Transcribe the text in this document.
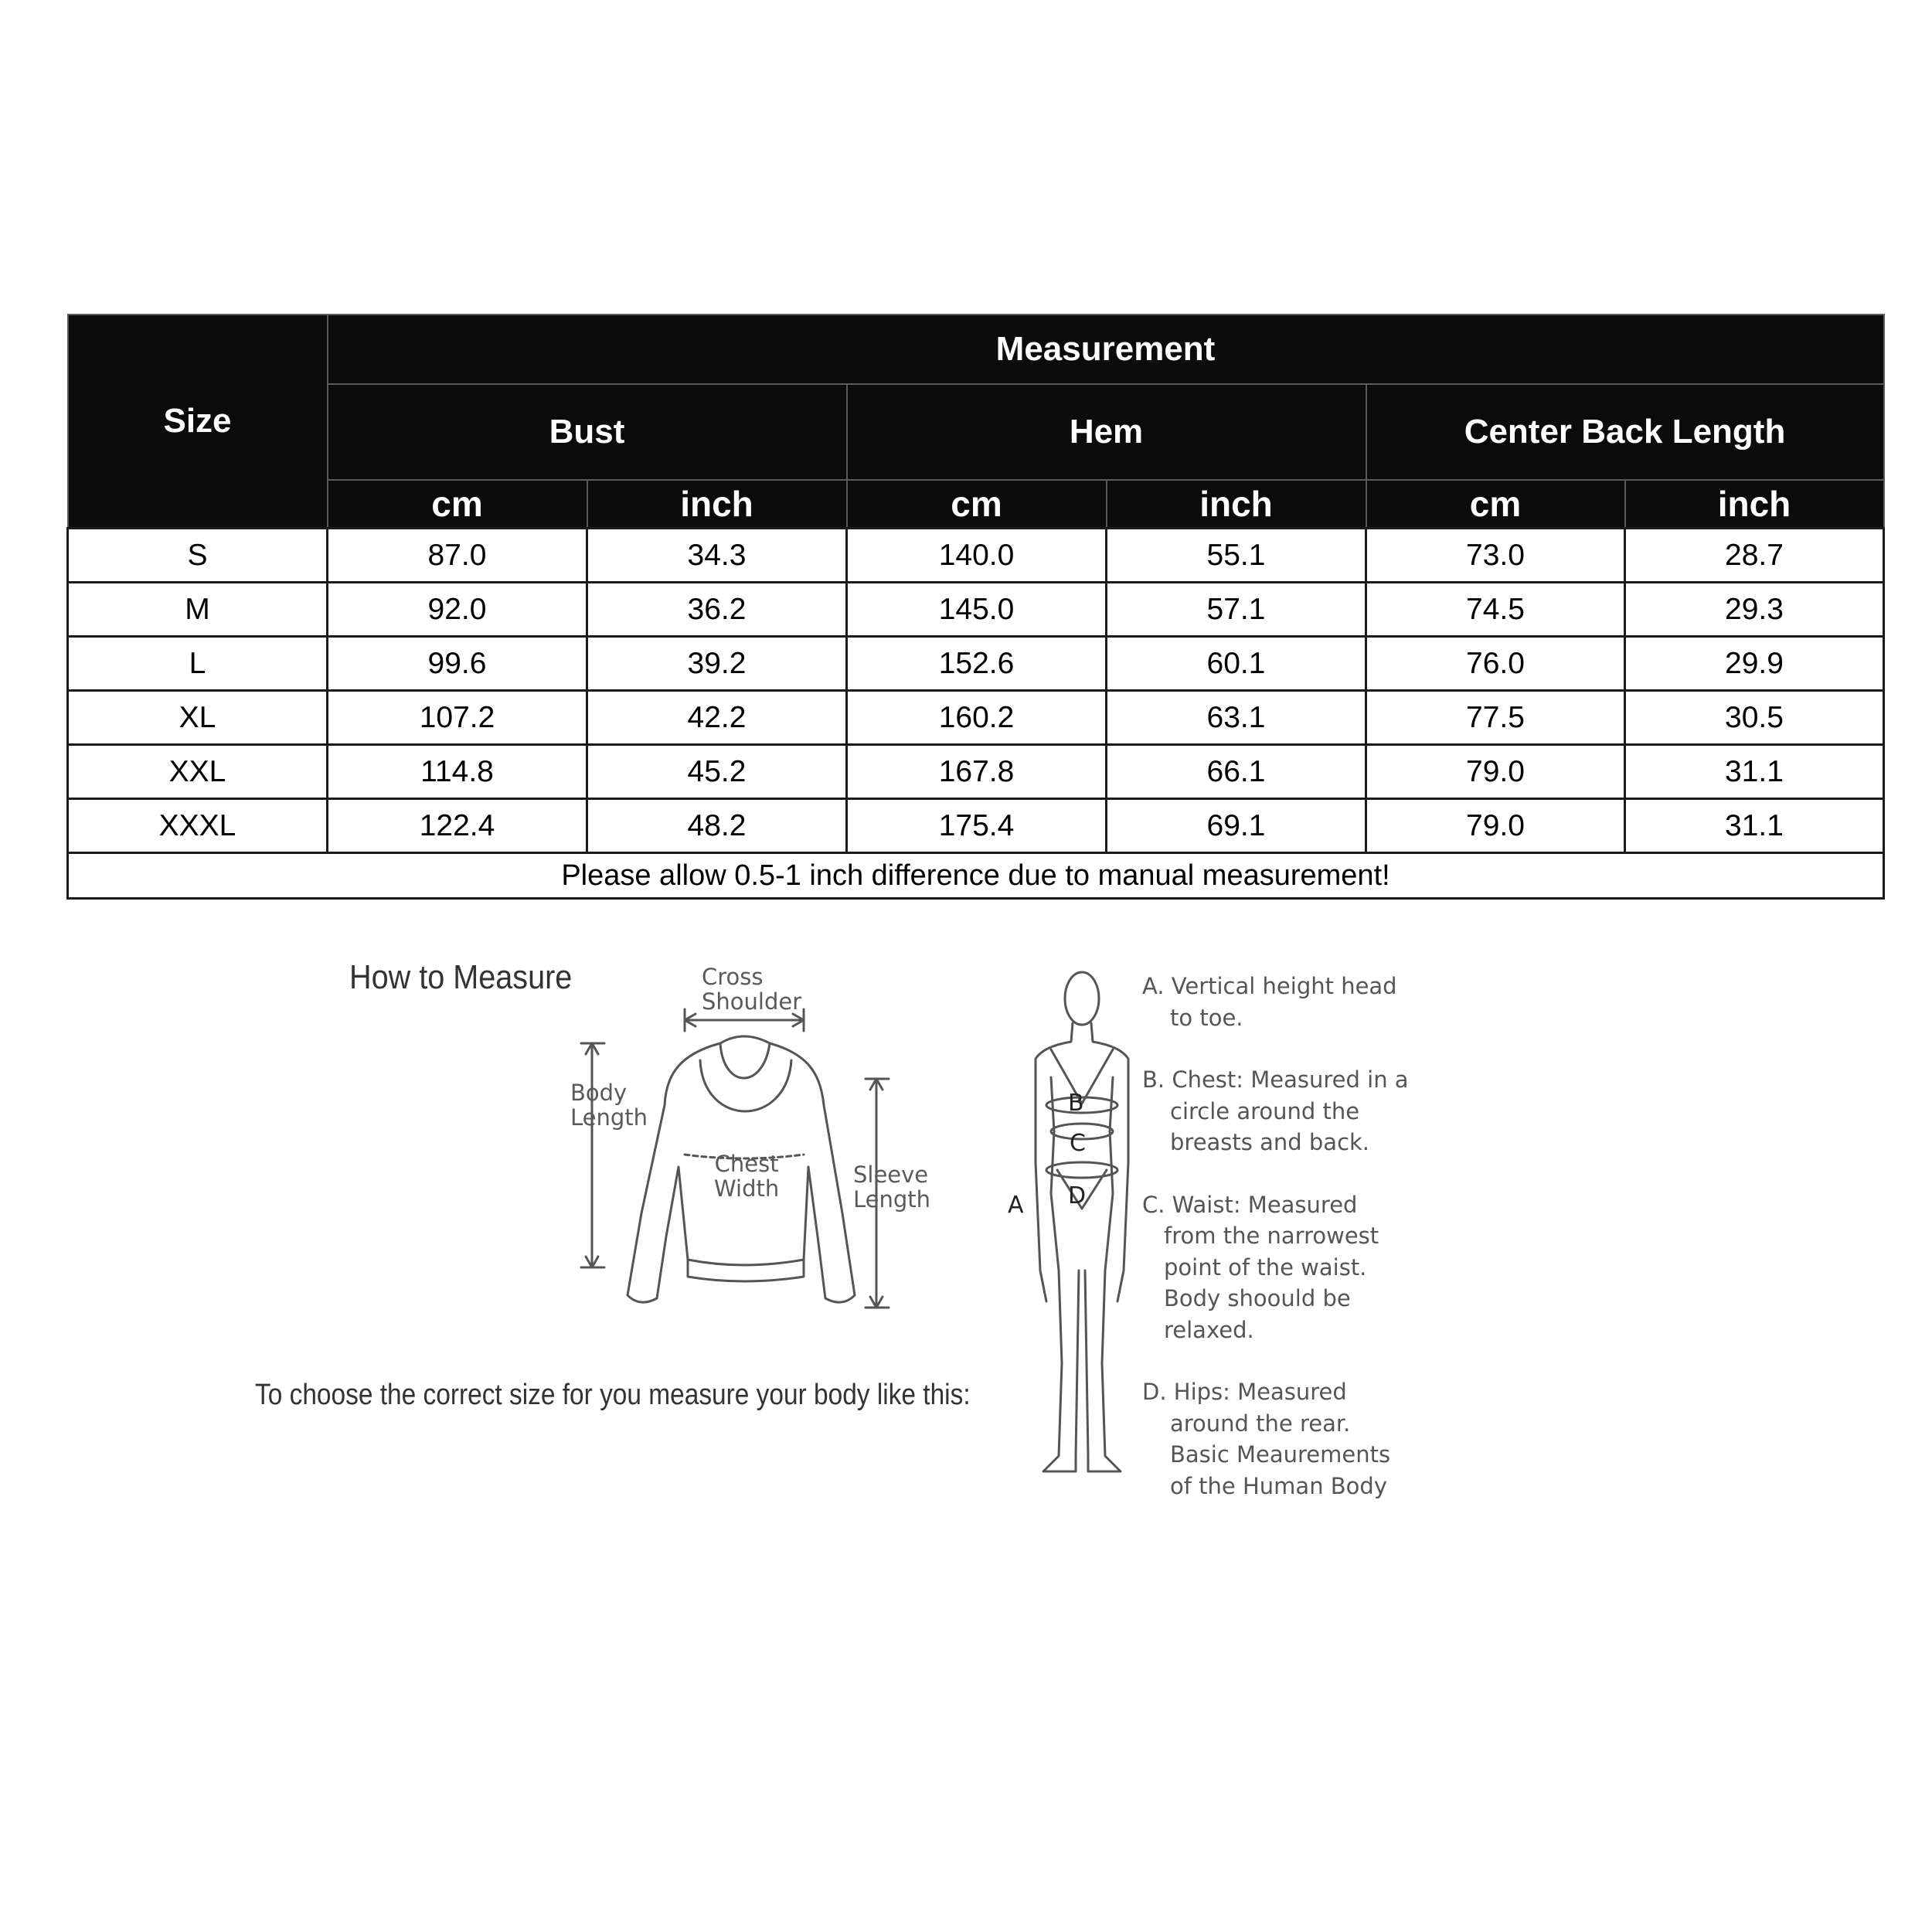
Size	Measurement					
	Bust		Hem		Center Back Length	
	cm	inch	cm	inch	cm	inch
S	87.0	34.3	140.0	55.1	73.0	28.7
M	92.0	36.2	145.0	57.1	74.5	29.3
L	99.6	39.2	152.6	60.1	76.0	29.9
XL	107.2	42.2	160.2	63.1	77.5	30.5
XXL	114.8	45.2	167.8	66.1	79.0	31.1
XXXL	122.4	48.2	175.4	69.1	79.0	31.1
Please allow 0.5-1 inch difference due to manual measurement!						
How to Measure
To choose the correct size for you measure your body like this:
Cross
Shoulder
Body
Length
Chest
Width
Sleeve
Length
B
C
D
A

A. Vertical height head

to toe.

B. Chest: Measured in a

circle around the

breasts and back.

C. Waist: Measured

from the narrowest

point of the waist.

Body shoould be

relaxed.

D. Hips: Measured

around the rear.

Basic Meaurements

of the Human Body
